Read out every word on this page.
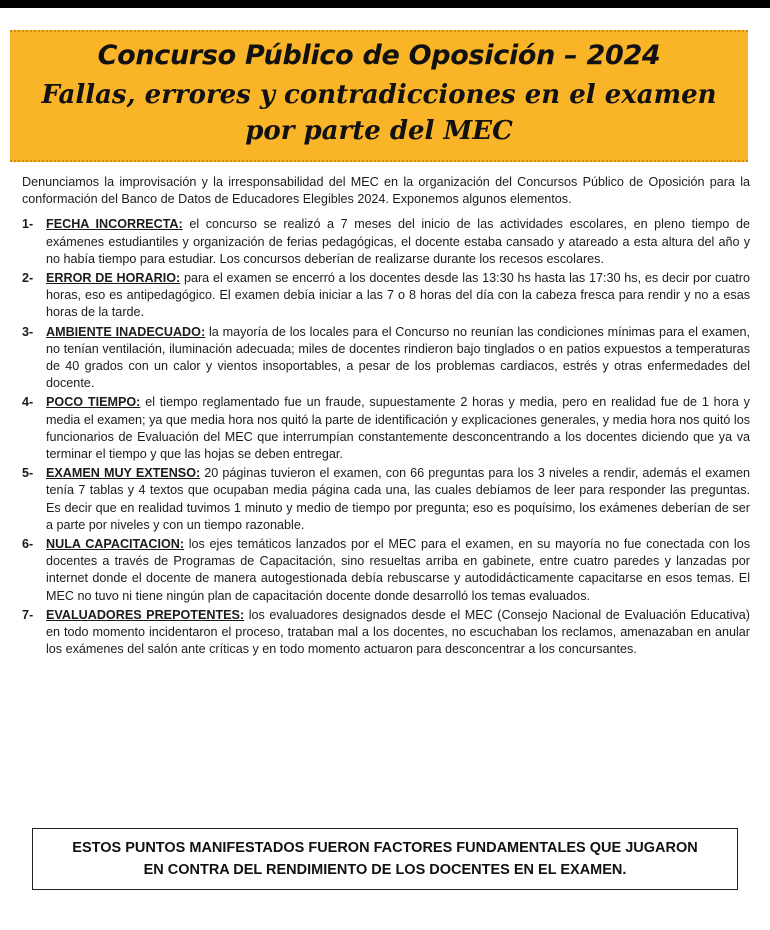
Concurso Público de Oposición – 2024
Fallas, errores y contradicciones en el examen
por parte del MEC

Denunciamos la improvisación y la irresponsabilidad del MEC en la organización del Concursos Público de Oposición para la conformación del Banco de Datos de Educadores Elegibles 2024. Exponemos algunos elementos.

1-	FECHA INCORRECTA: el concurso se realizó a 7 meses del inicio de las actividades escolares, en pleno tiempo de exámenes estudiantiles y organización de ferias pedagógicas, el docente estaba cansado y atareado a esta altura del año y no había tiempo para estudiar. Los concursos deberían de realizarse durante los recesos escolares.
2-	ERROR DE HORARIO: para el examen se encerró a los docentes desde las 13:30 hs hasta las 17:30 hs, es decir por cuatro horas, eso es antipedagógico. El examen debía iniciar a las 7 o 8 horas del día con la cabeza fresca para rendir y no a esas horas de la tarde.
3-	AMBIENTE INADECUADO: la mayoría de los locales para el Concurso no reunían las condiciones mínimas para el examen, no tenían ventilación, iluminación adecuada; miles de docentes rindieron bajo tinglados o en patios expuestos a temperaturas de 40 grados con un calor y vientos insoportables, a pesar de los problemas cardiacos, estrés y otras enfermedades del docente.
4-	POCO TIEMPO: el tiempo reglamentado fue un fraude, supuestamente 2 horas y media, pero en realidad fue de 1 hora y media el examen; ya que media hora nos quitó la parte de identificación y explicaciones generales, y media hora nos quitó los funcionarios de Evaluación del MEC que interrumpían constantemente desconcentrando a los docentes diciendo que ya va terminar el tiempo y que las hojas se deben entregar.
5-	EXAMEN MUY EXTENSO: 20 páginas tuvieron el examen, con 66 preguntas para los 3 niveles a rendir, además el examen tenía 7 tablas y 4 textos que ocupaban media página cada una, las cuales debíamos de leer para responder las preguntas. Es decir que en realidad tuvimos 1 minuto y medio de tiempo por pregunta; eso es poquísimo, los exámenes deberían de ser a parte por niveles y con un tiempo razonable.
6-	NULA CAPACITACION: los ejes temáticos lanzados por el MEC para el examen, en su mayoría no fue conectada con los docentes a través de Programas de Capacitación, sino resueltas arriba en gabinete, entre cuatro paredes y lanzadas por internet donde el docente de manera autogestionada debía rebuscarse y autodidácticamente capacitarse en esos temas. El MEC no tuvo ni tiene ningún plan de capacitación docente donde desarrolló los temas evaluados.
7-	EVALUADORES PREPOTENTES: los evaluadores designados desde el MEC (Consejo Nacional de Evaluación Educativa) en todo momento incidentaron el proceso, trataban mal a los docentes, no escuchaban los reclamos, amenazaban en anular los exámenes del salón ante críticas y en todo momento actuaron para desconcentrar a los concursantes.
ESTOS PUNTOS MANIFESTADOS FUERON FACTORES FUNDAMENTALES QUE JUGARON
EN CONTRA DEL RENDIMIENTO DE LOS DOCENTES EN EL EXAMEN.
